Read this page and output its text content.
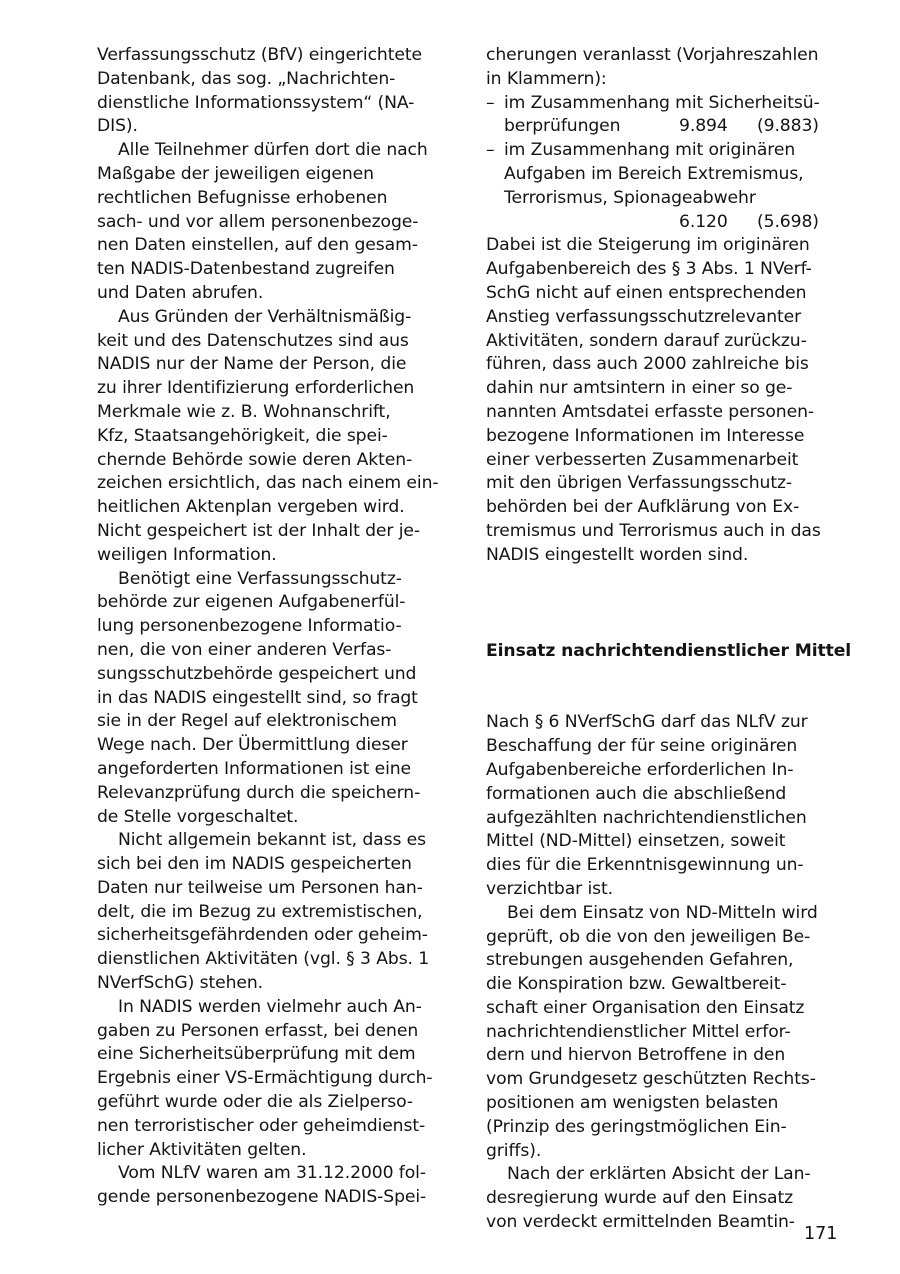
Verfassungsschutz (BfV) eingerichtete
Datenbank, das sog. „Nachrichten-
dienstliche Informationssystem“ (NA-
DIS).
Alle Teilnehmer dürfen dort die nach
Maßgabe der jeweiligen eigenen
rechtlichen Befugnisse erhobenen
sach- und vor allem personenbezoge-
nen Daten einstellen, auf den gesam-
ten NADIS-Datenbestand zugreifen
und Daten abrufen.
Aus Gründen der Verhältnismäßig-
keit und des Datenschutzes sind aus
NADIS nur der Name der Person, die
zu ihrer Identifizierung erforderlichen
Merkmale wie z. B. Wohnanschrift,
Kfz, Staatsangehörigkeit, die spei-
chernde Behörde sowie deren Akten-
zeichen ersichtlich, das nach einem ein-
heitlichen Aktenplan vergeben wird.
Nicht gespeichert ist der Inhalt der je-
weiligen Information.
Benötigt eine Verfassungsschutz-
behörde zur eigenen Aufgabenerfül-
lung personenbezogene Informatio-
nen, die von einer anderen Verfas-
sungsschutzbehörde gespeichert und
in das NADIS eingestellt sind, so fragt
sie in der Regel auf elektronischem
Wege nach. Der Übermittlung dieser
angeforderten Informationen ist eine
Relevanzprüfung durch die speichern-
de Stelle vorgeschaltet.
Nicht allgemein bekannt ist, dass es
sich bei den im NADIS gespeicherten
Daten nur teilweise um Personen han-
delt, die im Bezug zu extremistischen,
sicherheitsgefährdenden oder geheim-
dienstlichen Aktivitäten (vgl. § 3 Abs. 1
NVerfSchG) stehen.
In NADIS werden vielmehr auch An-
gaben zu Personen erfasst, bei denen
eine Sicherheitsüberprüfung mit dem
Ergebnis einer VS-Ermächtigung durch-
geführt wurde oder die als Zielperso-
nen terroristischer oder geheimdienst-
licher Aktivitäten gelten.
Vom NLfV waren am 31.12.2000 fol-
gende personenbezogene NADIS-Spei-
cherungen veranlasst (Vorjahreszahlen
in Klammern):
– im Zusammenhang mit Sicherheitsü-
berprüfungen	9.894 (9.883)
– im Zusammenhang mit originären
Aufgaben im Bereich Extremismus,
Terrorismus, Spionageabwehr
6.120 (5.698)
Dabei ist die Steigerung im originären
Aufgabenbereich des § 3 Abs. 1 NVerf-
SchG nicht auf einen entsprechenden
Anstieg verfassungsschutzrelevanter
Aktivitäten, sondern darauf zurückzu-
führen, dass auch 2000 zahlreiche bis
dahin nur amtsintern in einer so ge-
nannten Amtsdatei erfasste personen-
bezogene Informationen im Interesse
einer verbesserten Zusammenarbeit
mit den übrigen Verfassungsschutz-
behörden bei der Aufklärung von Ex-
tremismus und Terrorismus auch in das
NADIS eingestellt worden sind.
Einsatz nachrichtendienstlicher Mittel
Nach § 6 NVerfSchG darf das NLfV zur
Beschaffung der für seine originären
Aufgabenbereiche erforderlichen In-
formationen auch die abschließend
aufgezählten nachrichtendienstlichen
Mittel (ND-Mittel) einsetzen, soweit
dies für die Erkenntnisgewinnung un-
verzichtbar ist.
Bei dem Einsatz von ND-Mitteln wird
geprüft, ob die von den jeweiligen Be-
strebungen ausgehenden Gefahren,
die Konspiration bzw. Gewaltbereit-
schaft einer Organisation den Einsatz
nachrichtendienstlicher Mittel erfor-
dern und hiervon Betroffene in den
vom Grundgesetz geschützten Rechts-
positionen am wenigsten belasten
(Prinzip des geringstmöglichen Ein-
griffs).
Nach der erklärten Absicht der Lan-
desregierung wurde auf den Einsatz
von verdeckt ermittelnden Beamtin-
171
